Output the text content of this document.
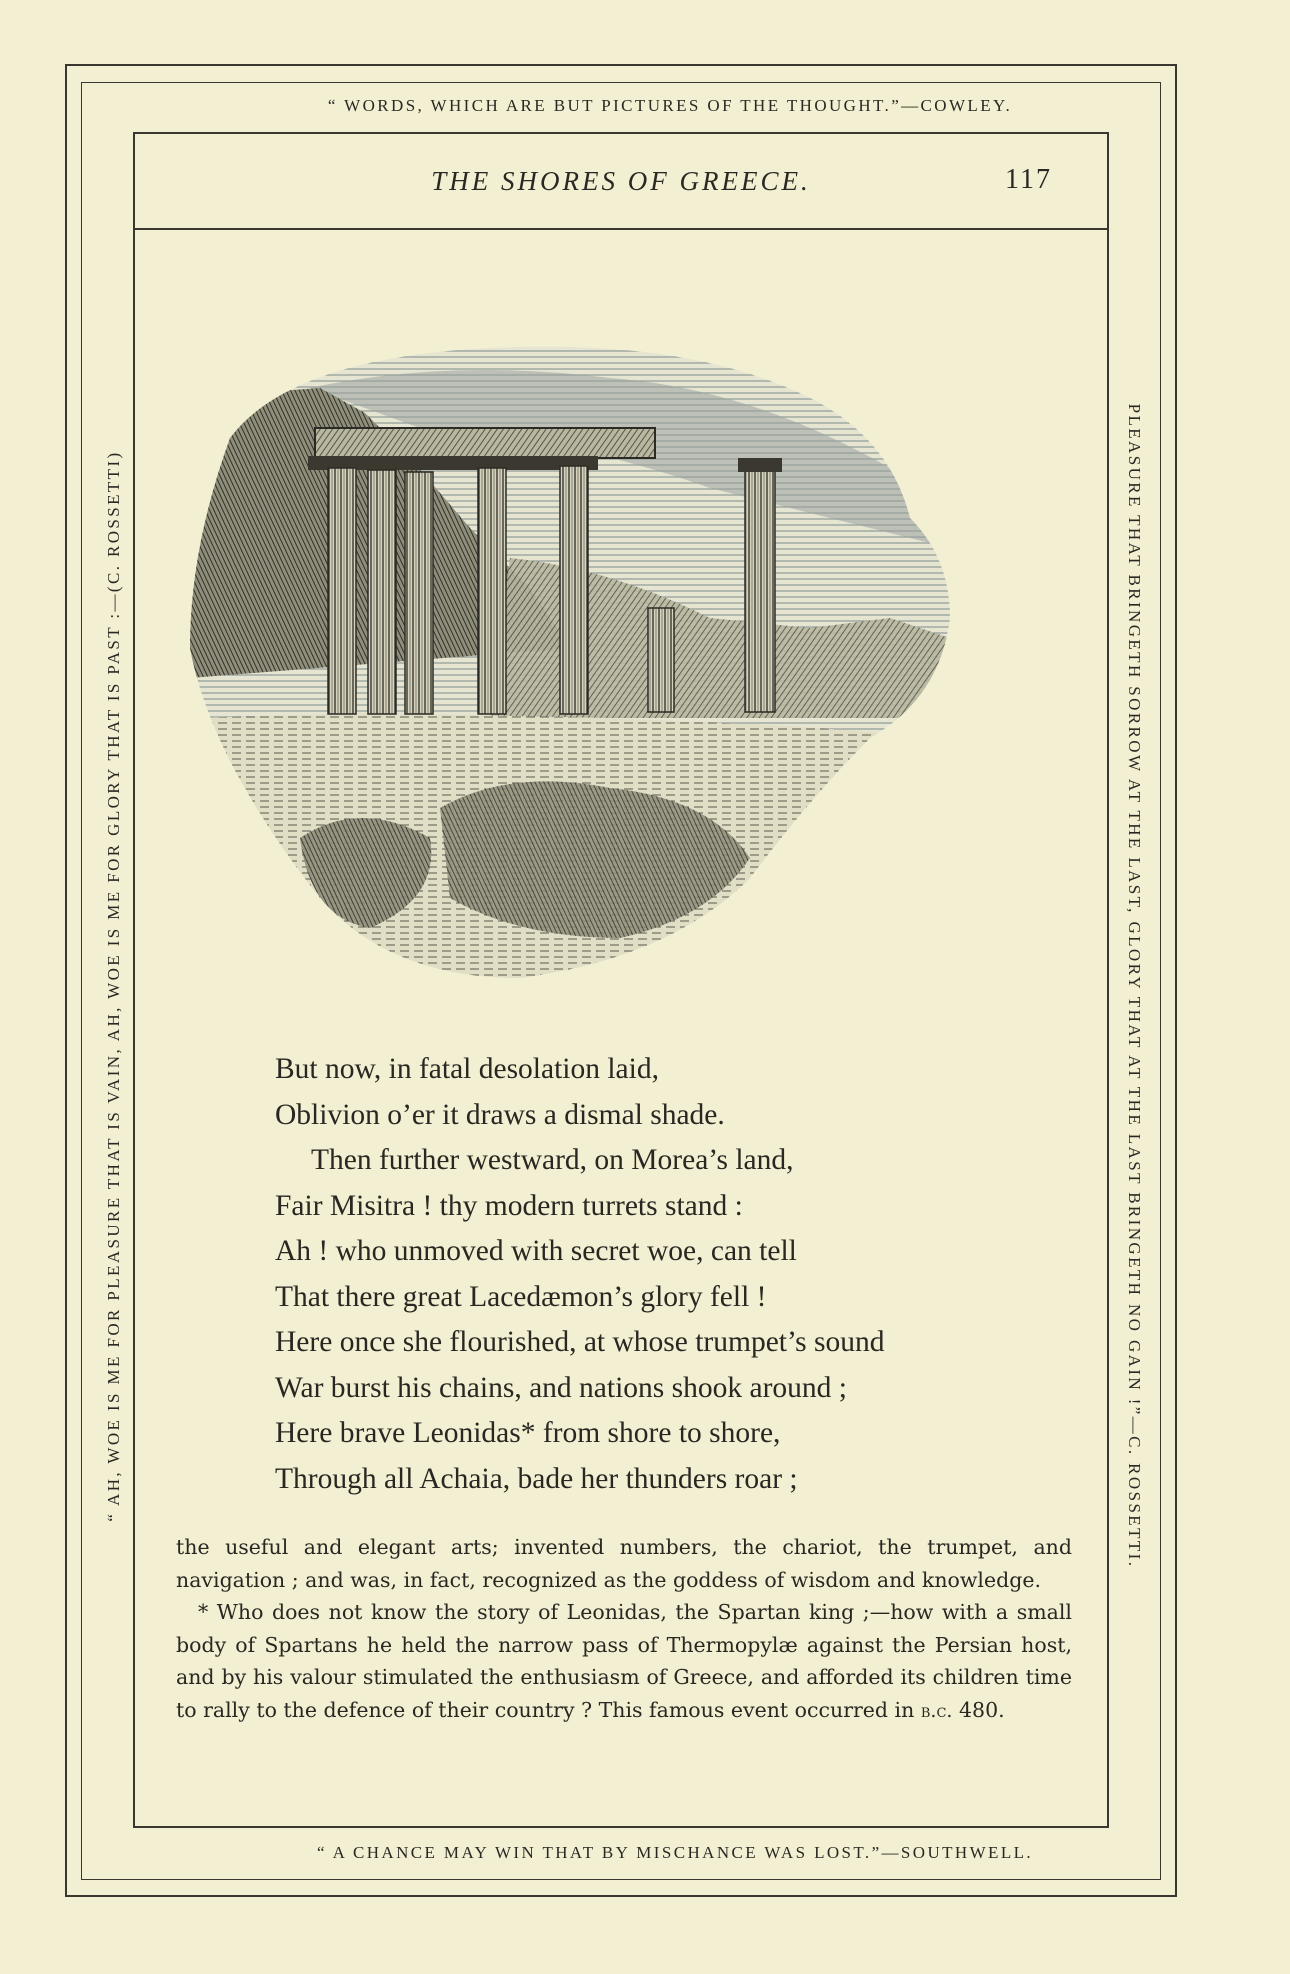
“ WORDS, WHICH ARE BUT PICTURES OF THE THOUGHT.”—COWLEY.
“ A CHANCE MAY WIN THAT BY MISCHANCE WAS LOST.”—SOUTHWELL.
“ AH, WOE IS ME FOR PLEASURE THAT IS VAIN, AH, WOE IS ME FOR GLORY THAT IS PAST :—(C. ROSSETTI)	PLEASURE THAT BRINGETH SORROW AT THE LAST, GLORY THAT AT THE LAST BRINGETH NO GAIN !”—C. ROSSETTI.
THE SHORES OF GREECE.	117
But now, in fatal desolation laid,
Oblivion o’er it draws a dismal shade.
Then further westward, on Morea’s land,
Fair Misitra ! thy modern turrets stand :
Ah ! who unmoved with secret woe, can tell
That there great Lacedæmon’s glory fell !
Here once she flourished, at whose trumpet’s sound
War burst his chains, and nations shook around ;
Here brave Leonidas* from shore to shore,
Through all Achaia, bade her thunders roar ;
the useful and elegant arts; invented numbers, the chariot, the trumpet, and navigation ; and was, in fact, recognized as the goddess of wisdom and knowledge.
* Who does not know the story of Leonidas, the Spartan king ;—how with a small body of Spartans he held the narrow pass of Thermopylæ against the Persian host, and by his valour stimulated the enthusiasm of Greece, and afforded its children time to rally to the defence of their country ? This famous event occurred in b.c. 480.
